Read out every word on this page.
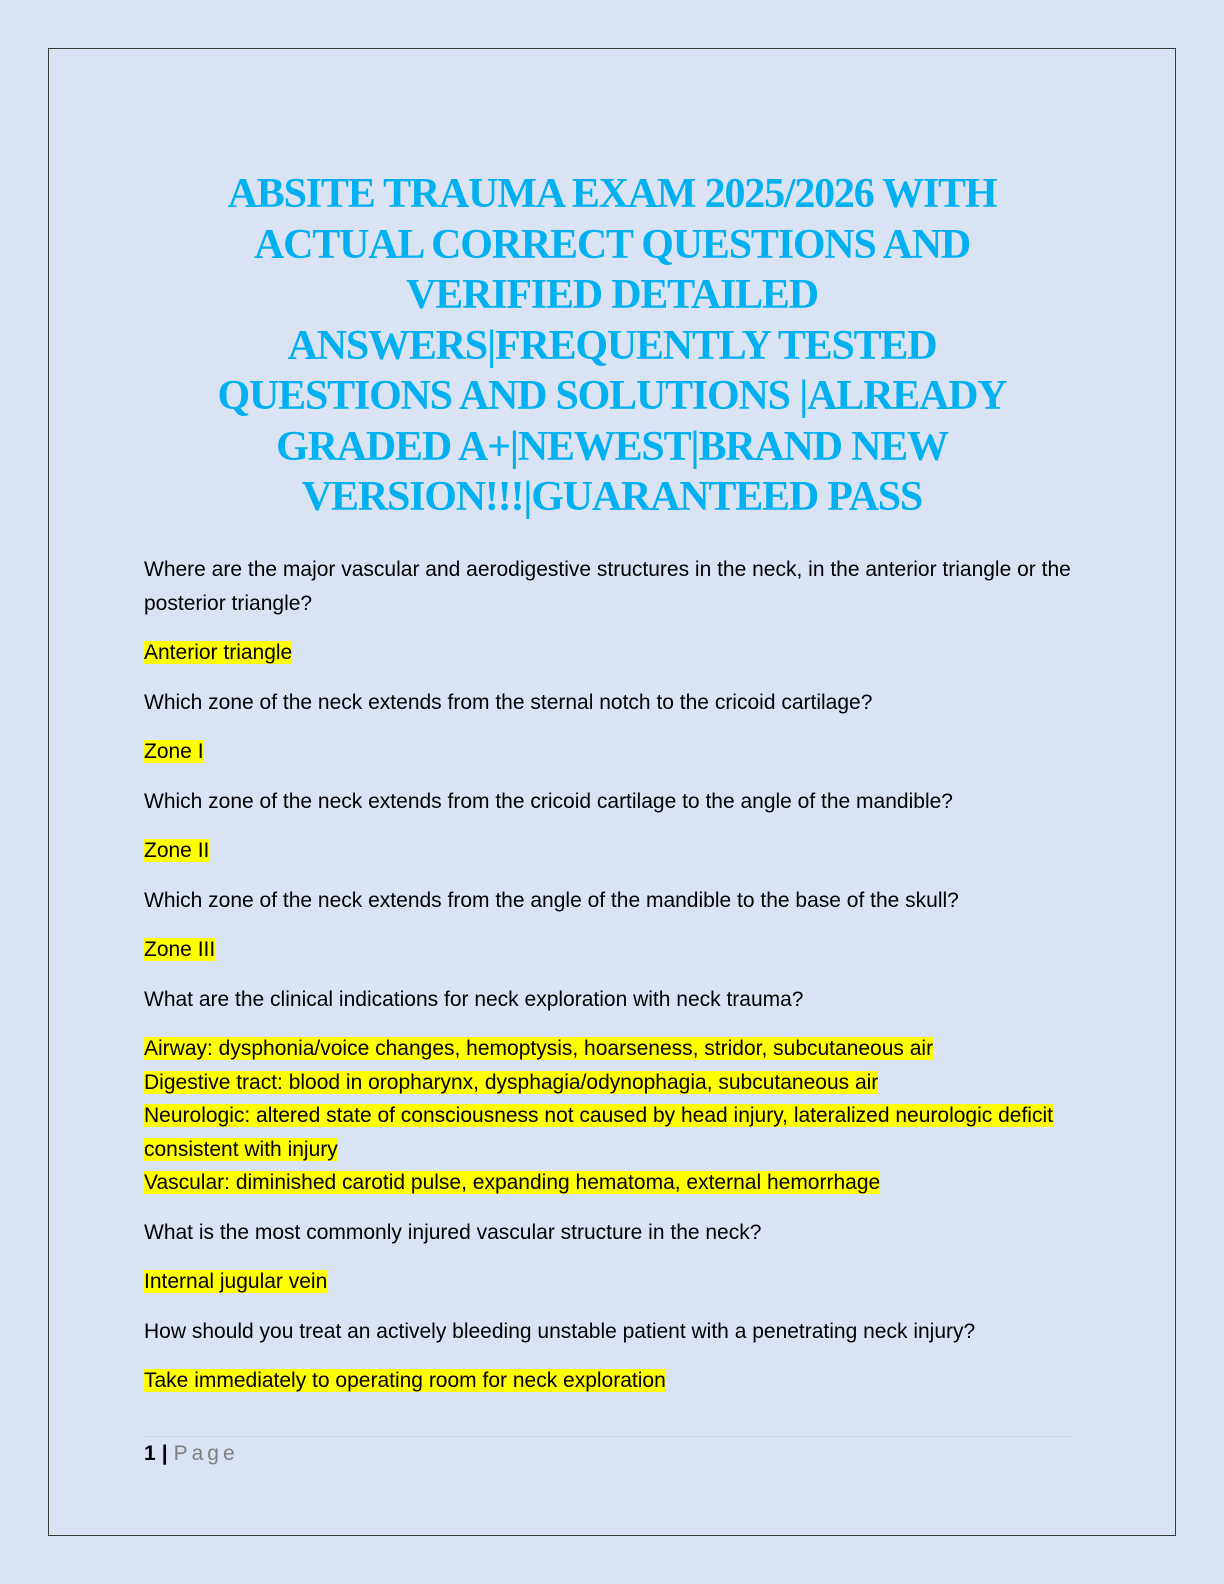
ABSITE TRAUMA EXAM 2025/2026 WITH
ACTUAL CORRECT QUESTIONS AND
VERIFIED DETAILED
ANSWERS|FREQUENTLY TESTED
QUESTIONS AND SOLUTIONS |ALREADY
GRADED A+|NEWEST|BRAND NEW
VERSION!!!|GUARANTEED PASS

Where are the major vascular and aerodigestive structures in the neck, in the anterior triangle or the posterior triangle?

Anterior triangle

Which zone of the neck extends from the sternal notch to the cricoid cartilage?

Zone I

Which zone of the neck extends from the cricoid cartilage to the angle of the mandible?

Zone II

Which zone of the neck extends from the angle of the mandible to the base of the skull?

Zone III

What are the clinical indications for neck exploration with neck trauma?

Airway: dysphonia/voice changes, hemoptysis, hoarseness, stridor, subcutaneous air
Digestive tract: blood in oropharynx, dysphagia/odynophagia, subcutaneous air
Neurologic: altered state of consciousness not caused by head injury, lateralized neurologic deficit consistent with injury
Vascular: diminished carotid pulse, expanding hematoma, external hemorrhage

What is the most commonly injured vascular structure in the neck?

Internal jugular vein

How should you treat an actively bleeding unstable patient with a penetrating neck injury?

Take immediately to operating room for neck exploration

1 | Page
